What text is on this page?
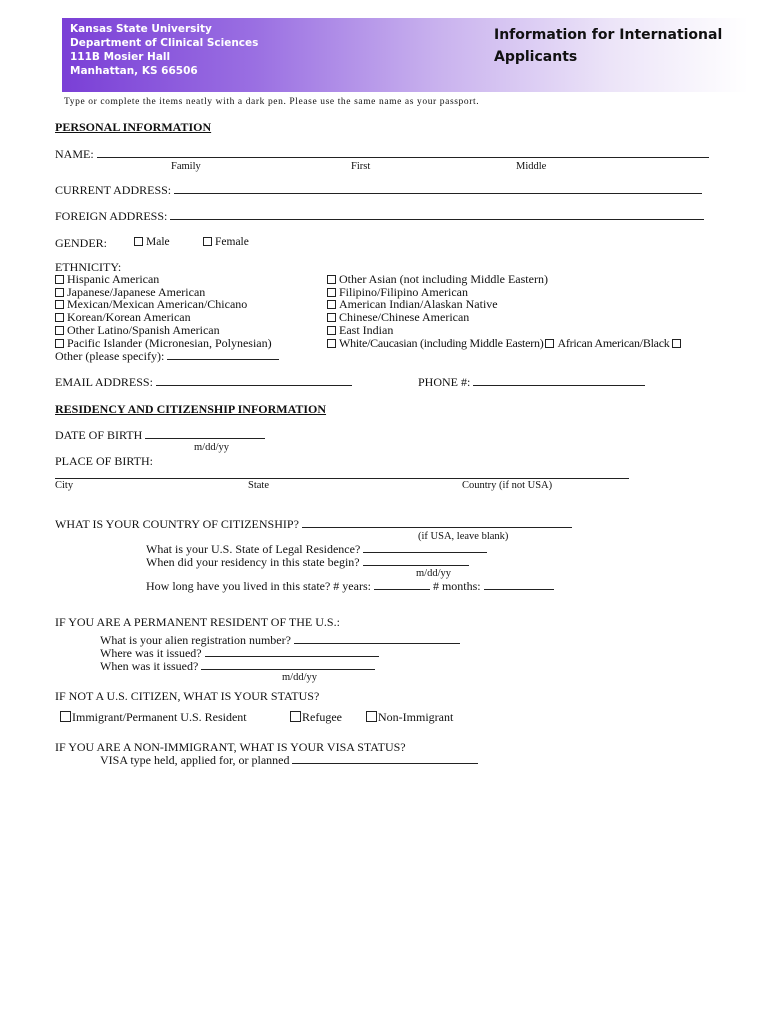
Kansas State University
Department of Clinical Sciences
111B Mosier Hall
Manhattan, KS 66506
Information for International
Applicants
Type or complete the items neatly with a dark pen. Please use the same name as your passport.
PERSONAL INFORMATION
NAME:
Family	First	Middle
CURRENT ADDRESS:
FOREIGN ADDRESS:
GENDER:	Male	Female
ETHNICITY:
Hispanic American
Japanese/Japanese American
Mexican/Mexican American/Chicano
Korean/Korean American
Other Latino/Spanish American
Pacific Islander (Micronesian, Polynesian)
Other (please specify):
Other Asian (not including Middle Eastern)
Filipino/Filipino American
American Indian/Alaskan Native
Chinese/Chinese American
East Indian
White/Caucasian (including Middle Eastern) African American/Black
EMAIL ADDRESS:	PHONE #:
RESIDENCY AND CITIZENSHIP INFORMATION
DATE OF BIRTH
m/dd/yy
PLACE OF BIRTH:
City	State	Country (if not USA)
WHAT IS YOUR COUNTRY OF CITIZENSHIP?
(if USA, leave blank)
What is your U.S. State of Legal Residence?
When did your residency in this state begin?
m/dd/yy
How long have you lived in this state? # years:	# months:
IF YOU ARE A PERMANENT RESIDENT OF THE U.S.:
What is your alien registration number?
Where was it issued?
When was it issued?
m/dd/yy
IF NOT A U.S. CITIZEN, WHAT IS YOUR STATUS?
Immigrant/Permanent U.S. Resident	Refugee	Non-Immigrant
IF YOU ARE A NON-IMMIGRANT, WHAT IS YOUR VISA STATUS?
VISA type held, applied for, or planned
